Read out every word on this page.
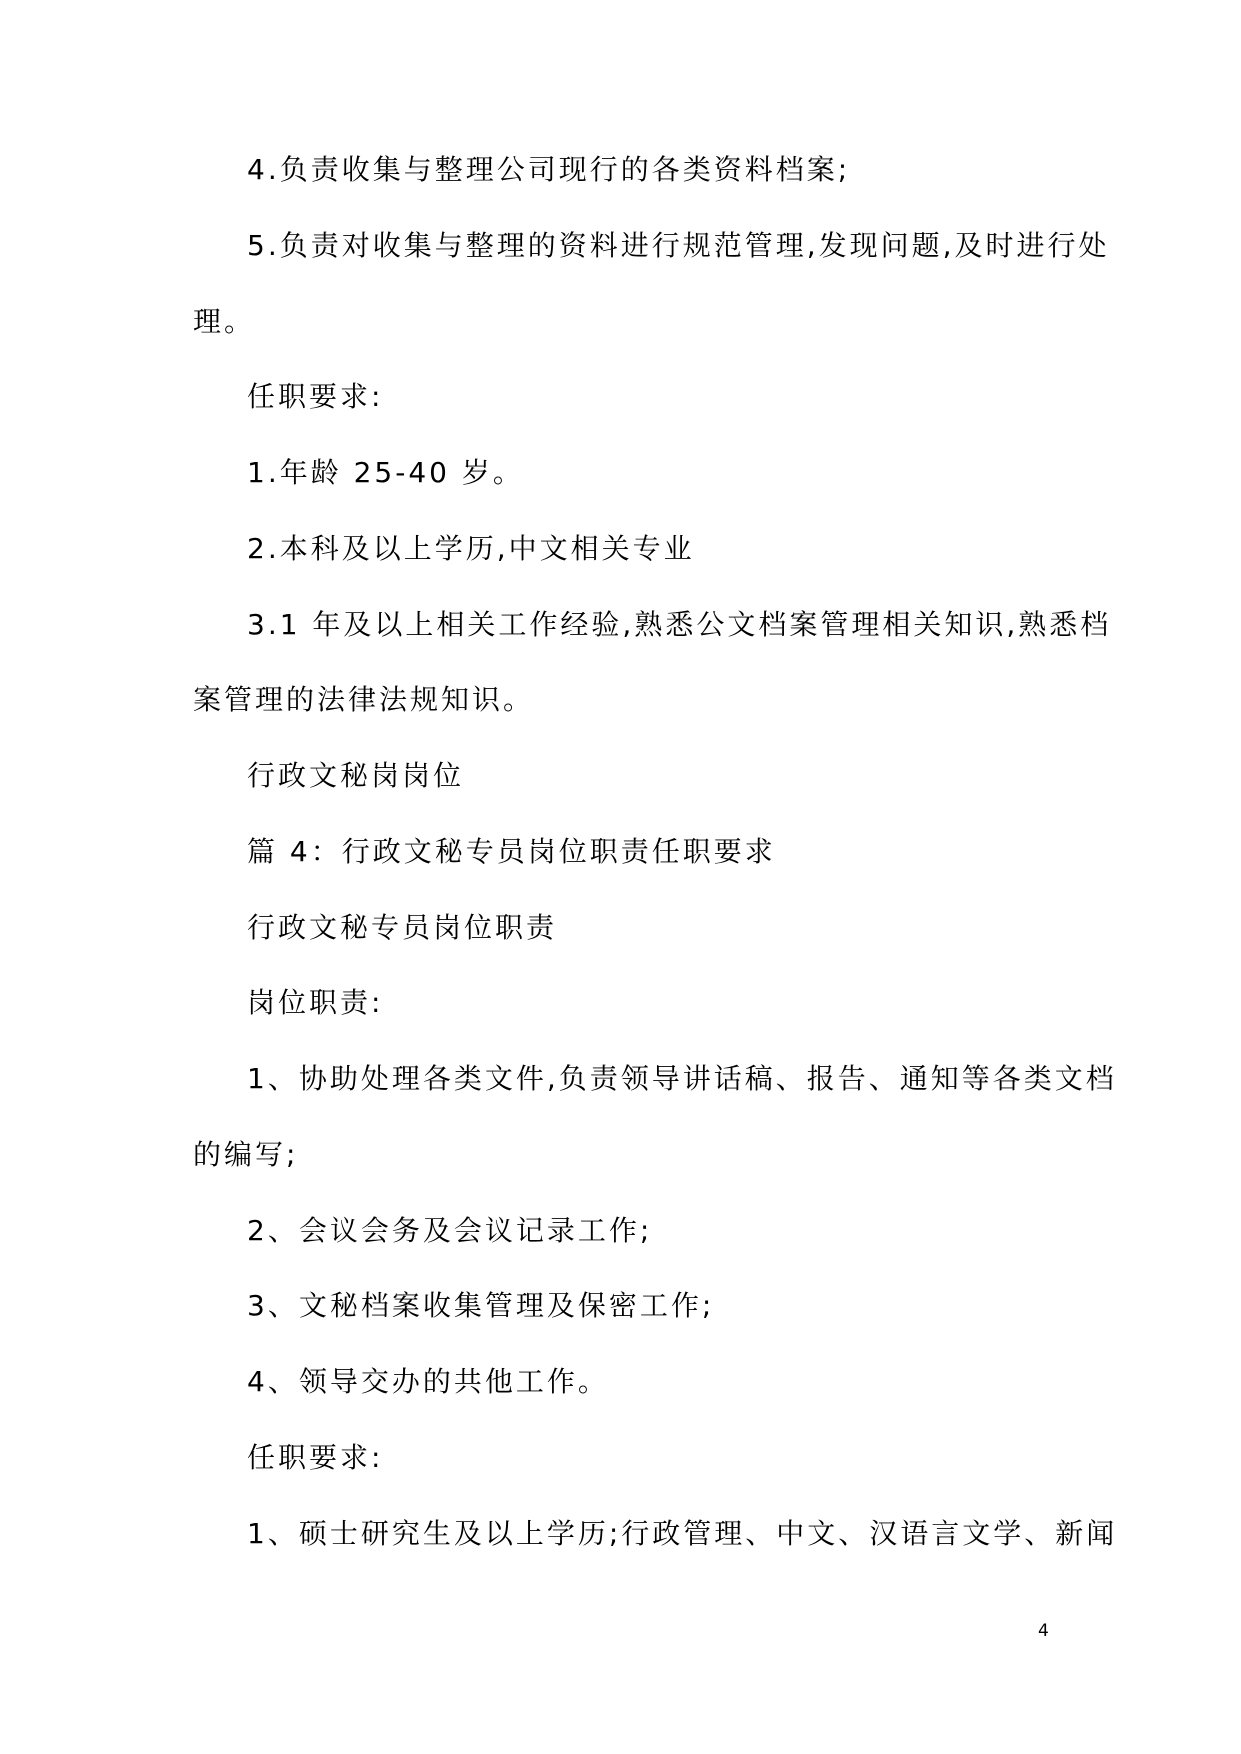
4.负责收集与整理公司现行的各类资料档案;
5.负责对收集与整理的资料进行规范管理,发现问题,及时进行处
理。
任职要求:
1.年龄 25-40 岁。
2.本科及以上学历,中文相关专业
3.1 年及以上相关工作经验,熟悉公文档案管理相关知识,熟悉档
案管理的法律法规知识。
行政文秘岗岗位
篇 4：行政文秘专员岗位职责任职要求
行政文秘专员岗位职责
岗位职责:
1、协助处理各类文件,负责领导讲话稿、报告、通知等各类文档
的编写;
2、会议会务及会议记录工作;
3、文秘档案收集管理及保密工作;
4、领导交办的共他工作。
任职要求:
1、硕士研究生及以上学历;行政管理、中文、汉语言文学、新闻
4
